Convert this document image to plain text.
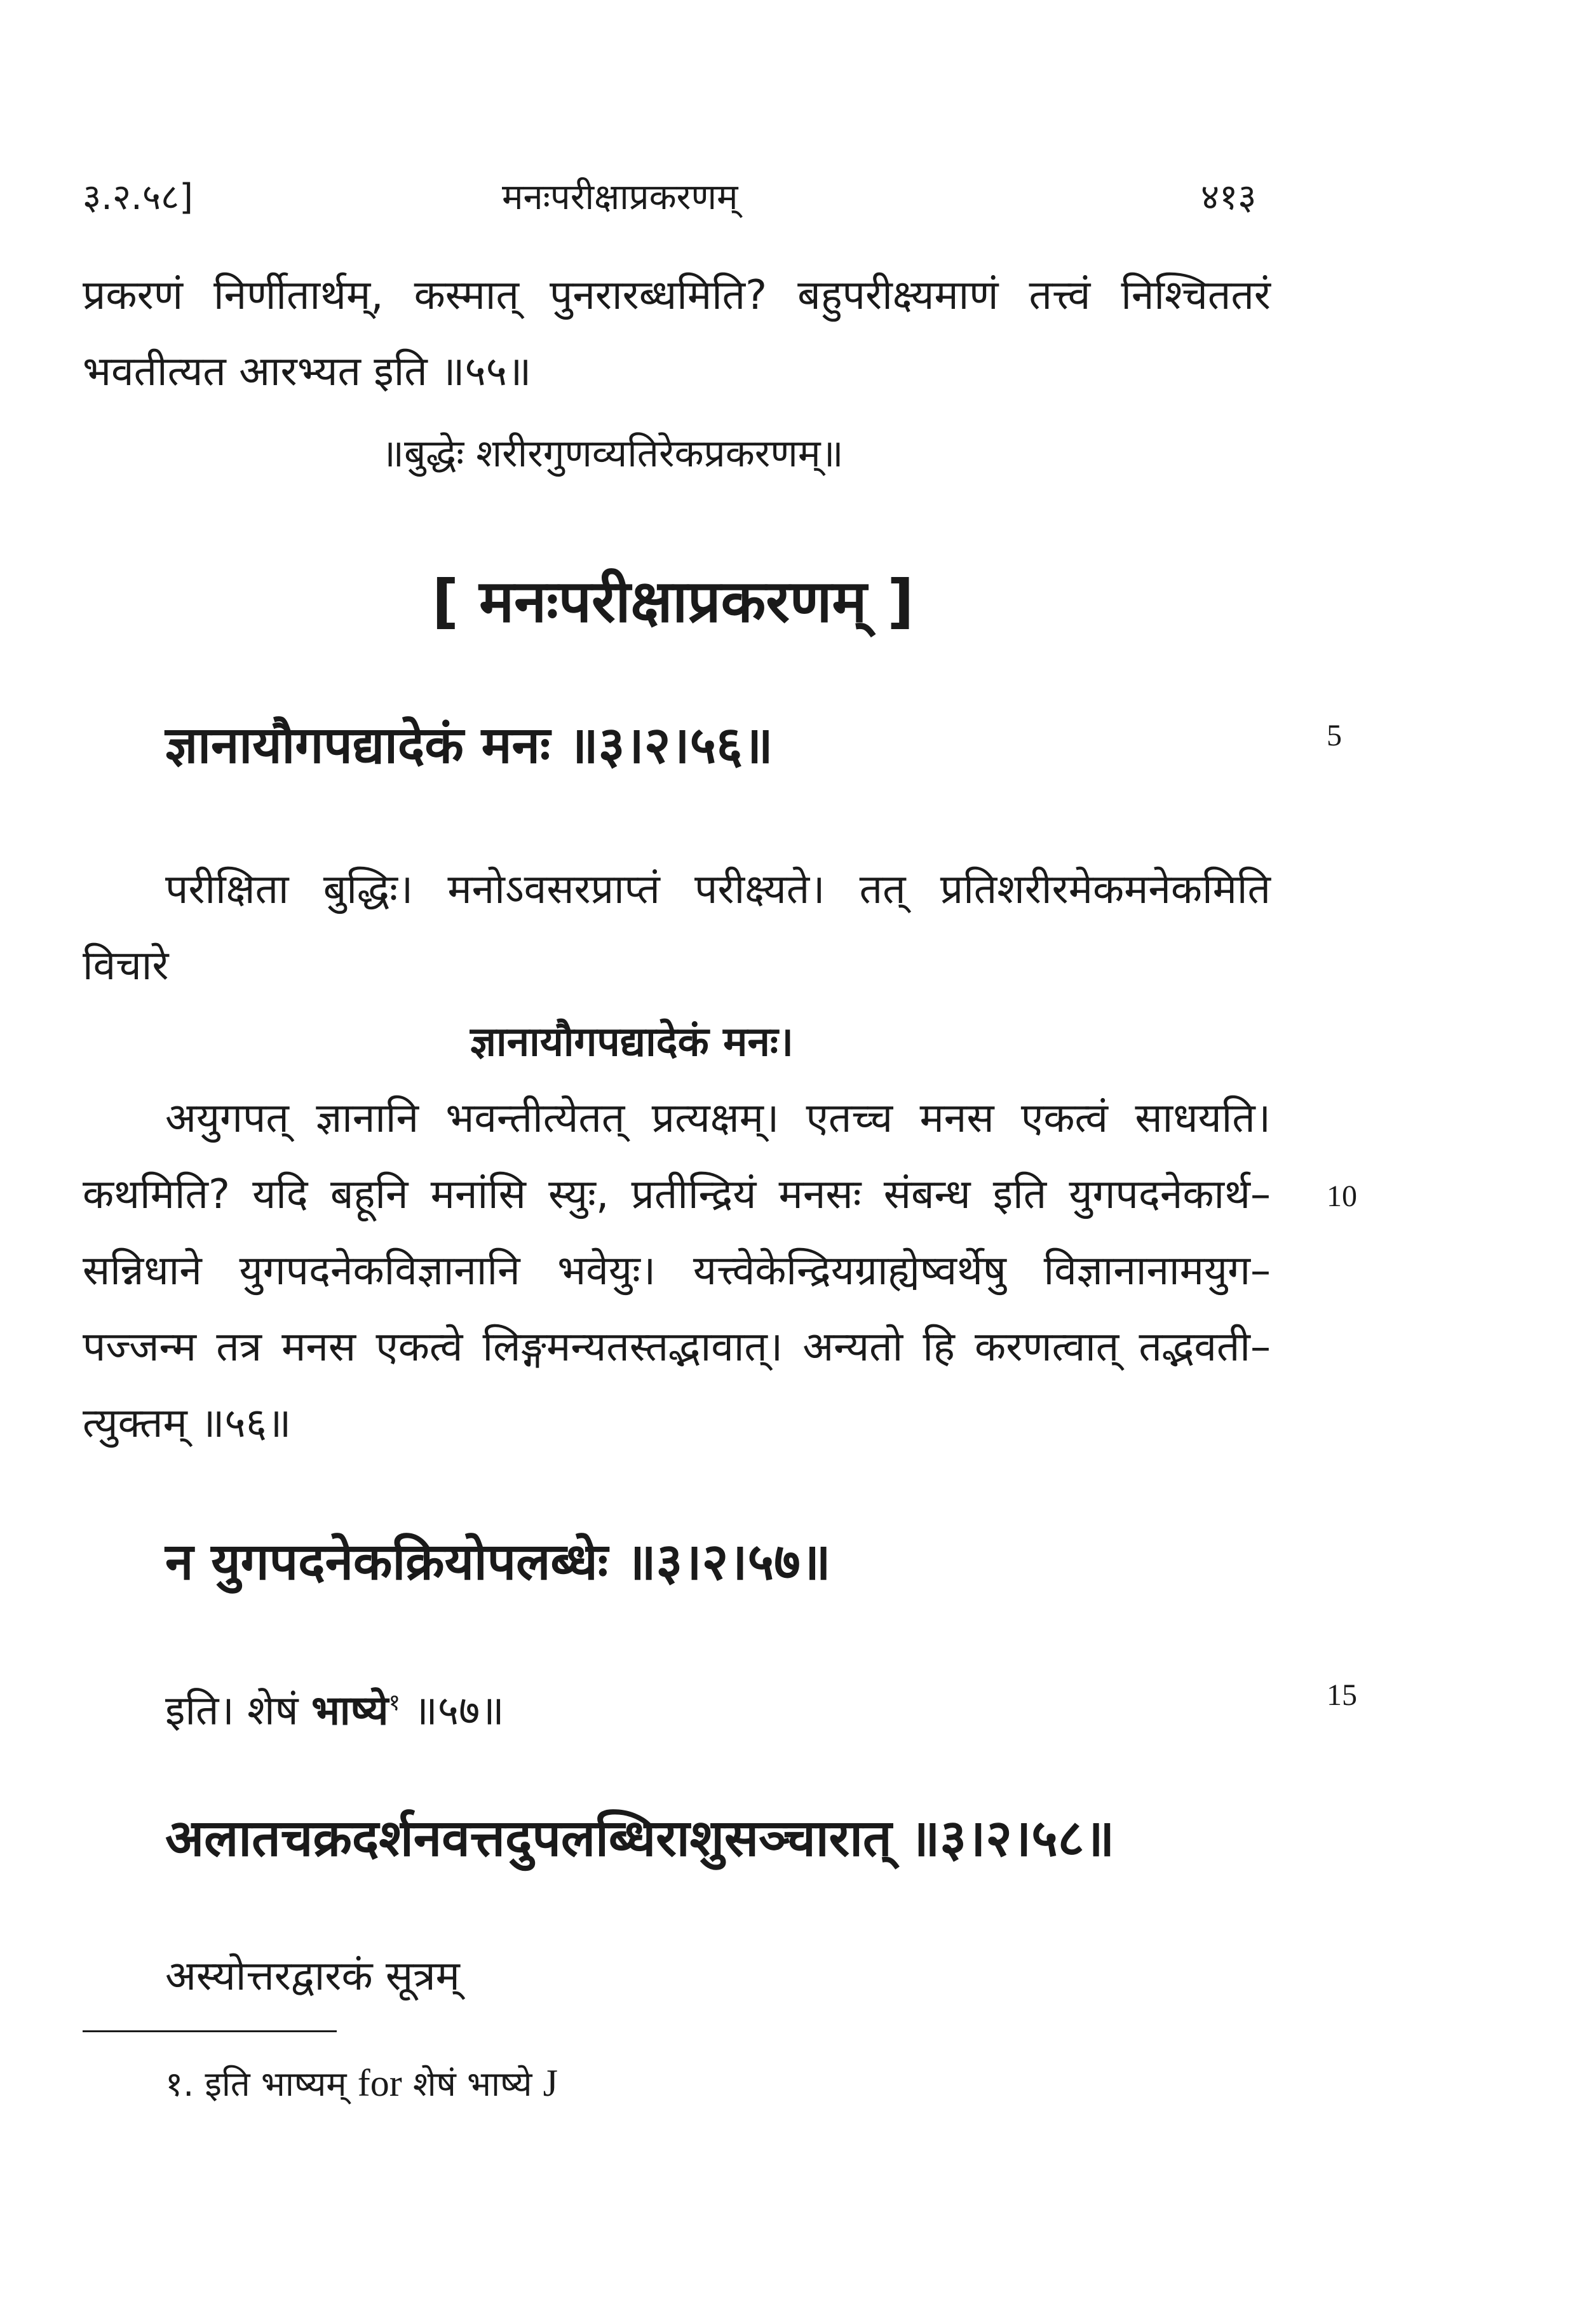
३.२.५८]	मनःपरीक्षाप्रकरणम्	४१३
प्रकरणं निर्णीतार्थम्, कस्मात् पुनरारब्धमिति? बहुपरीक्ष्यमाणं तत्त्वं निश्चिततरं
भवतीत्यत आरभ्यत इति ॥५५॥
॥बुद्धेः शरीरगुणव्यतिरेकप्रकरणम्॥
[ मनःपरीक्षाप्रकरणम् ]
ज्ञानायौगपद्यादेकं मनः ॥३।२।५६॥	5
परीक्षिता बुद्धिः। मनोऽवसरप्राप्तं परीक्ष्यते। तत् प्रतिशरीरमेकमनेकमिति
विचारे
ज्ञानायौगपद्यादेकं मनः।
अयुगपत् ज्ञानानि भवन्तीत्येतत् प्रत्यक्षम्। एतच्च मनस एकत्वं साधयति।
कथमिति? यदि बहूनि मनांसि स्युः, प्रतीन्द्रियं मनसः संबन्ध इति युगपदनेकार्थ– 10
सन्निधाने युगपदनेकविज्ञानानि भवेयुः। यत्त्वेकेन्द्रियग्राह्येष्वर्थेषु विज्ञानानामयुग–
पज्जन्म तत्र मनस एकत्वे लिङ्गमन्यतस्तद्भावात्। अन्यतो हि करणत्वात् तद्भवती–
त्युक्तम् ॥५६॥
न युगपदनेकक्रियोपलब्धेः ॥३।२।५७॥
इति। शेषं भाष्ये$^१$ ॥५७॥	15
अलातचक्रदर्शनवत्तदुपलब्धिराशुसञ्चारात् ॥३।२।५८॥
अस्योत्तरद्वारकं सूत्रम्
१. इति भाष्यम् for शेषं भाष्ये J
